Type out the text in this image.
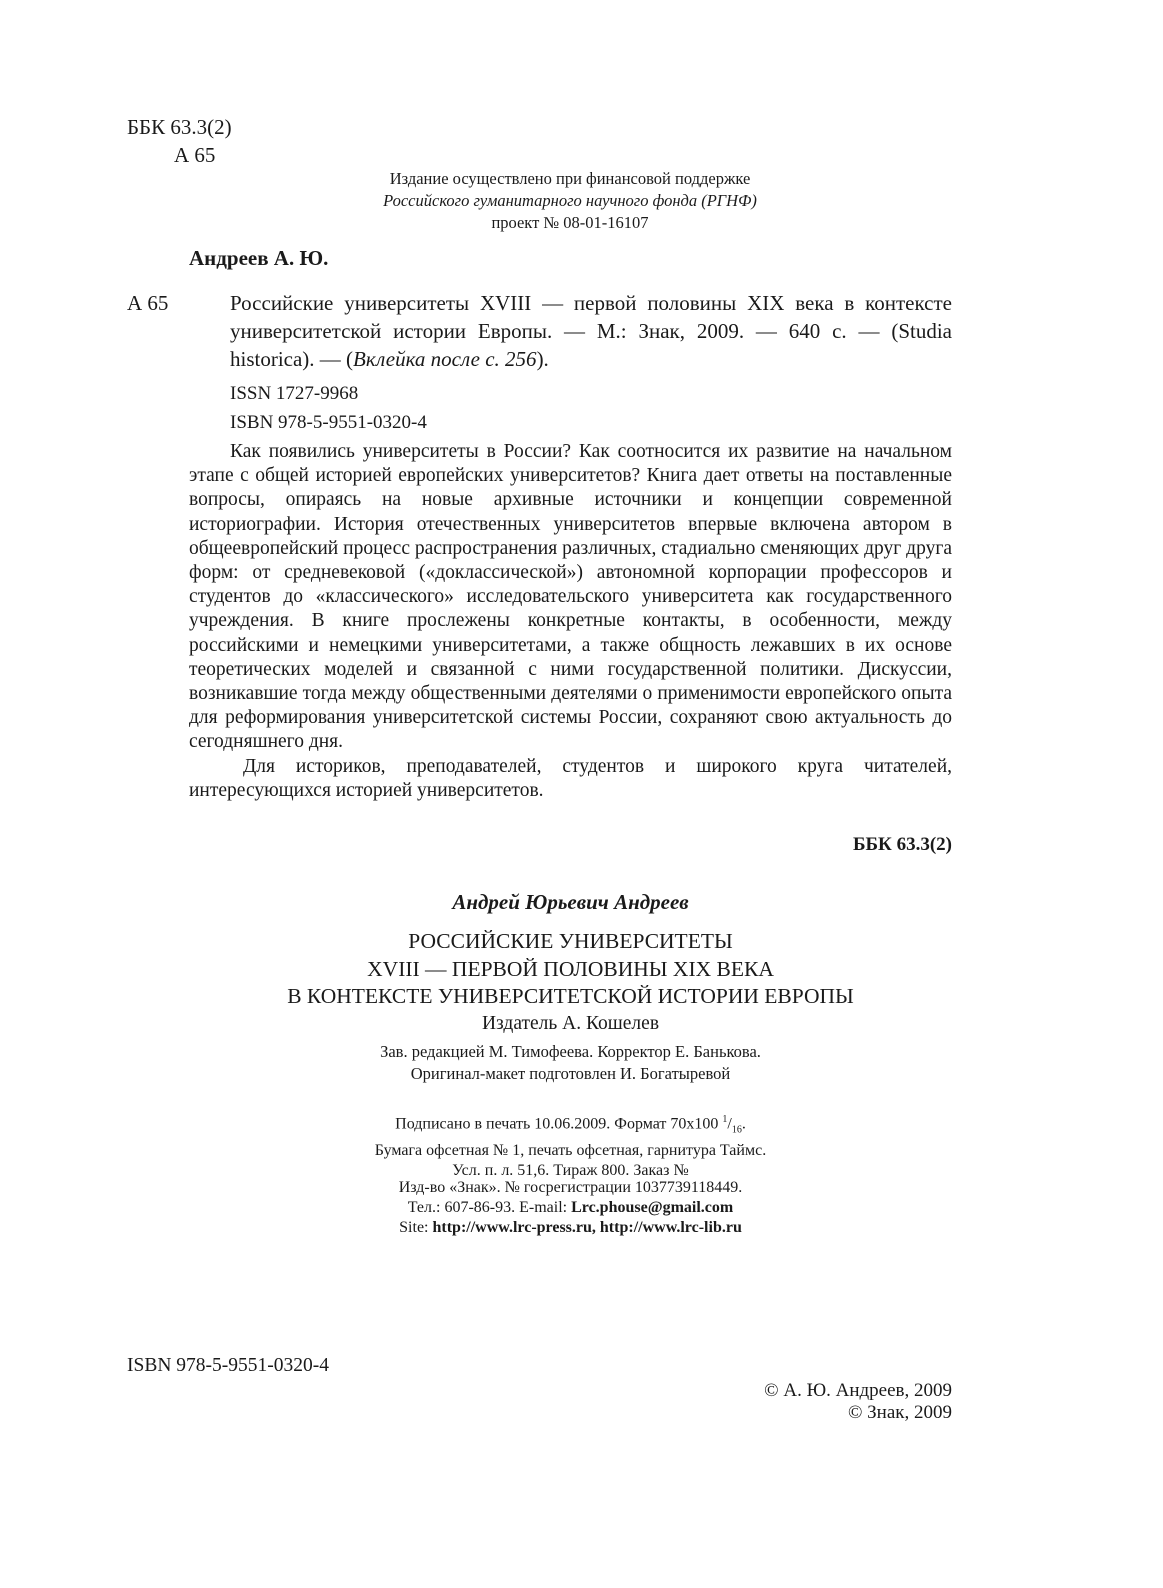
ББК 63.3(2)
А 65
Издание осуществлено при финансовой поддержке
Российского гуманитарного научного фонда (РГНФ)
проект № 08-01-16107
Андреев А. Ю.
А 65	Российские университеты XVIII — первой половины XIX века в контексте университетской истории Европы. — М.: Знак, 2009. — 640 с. — (Studia historica). — (Вклейка после с. 256).

ISSN 1727-9968
ISBN 978-5-9551-0320-4

Как появились университеты в России? Как соотносится их развитие на начальном этапе с общей историей европейских университетов? Книга дает ответы на поставленные вопросы, опираясь на новые архивные источники и концепции современной историографии. История отечественных университетов впервые включена автором в общеевропейский процесс распространения различных, стадиально сменяющих друг друга форм: от средневековой («доклассической») автономной корпорации профессоров и студентов до «классического» исследовательского университета как государственного учреждения. В книге прослежены конкретные контакты, в особенности, между российскими и немецкими университетами, а также общность лежавших в их основе теоретических моделей и связанной с ними государственной политики. Дискуссии, возникавшие тогда между общественными деятелями о применимости европейского опыта для реформирования университетской системы России, сохраняют свою актуальность до сегодняшнего дня.

Для историков, преподавателей, студентов и широкого круга читателей, интересующихся историей университетов.

ББК 63.3(2)
Андрей Юрьевич Андреев
РОССИЙСКИЕ УНИВЕРСИТЕТЫ
XVIII — ПЕРВОЙ ПОЛОВИНЫ XIX ВЕКА
В КОНТЕКСТЕ УНИВЕРСИТЕТСКОЙ ИСТОРИИ ЕВРОПЫ
Издатель А. Кошелев
Зав. редакцией М. Тимофеева. Корректор Е. Банькова.
Оригинал-макет подготовлен И. Богатыревой
Подписано в печать 10.06.2009. Формат 70x100 $^1/_{16}$.
Бумага офсетная № 1, печать офсетная, гарнитура Таймс.
Усл. п. л. 51,6. Тираж 800. Заказ №
Изд-во «Знак». № госрегистрации 1037739118449.
Тел.: 607-86-93. E-mail: Lrc.phouse@gmail.com
Site: http://www.lrc-press.ru, http://www.lrc-lib.ru
ISBN 978-5-9551-0320-4
© А. Ю. Андреев, 2009
© Знак, 2009
